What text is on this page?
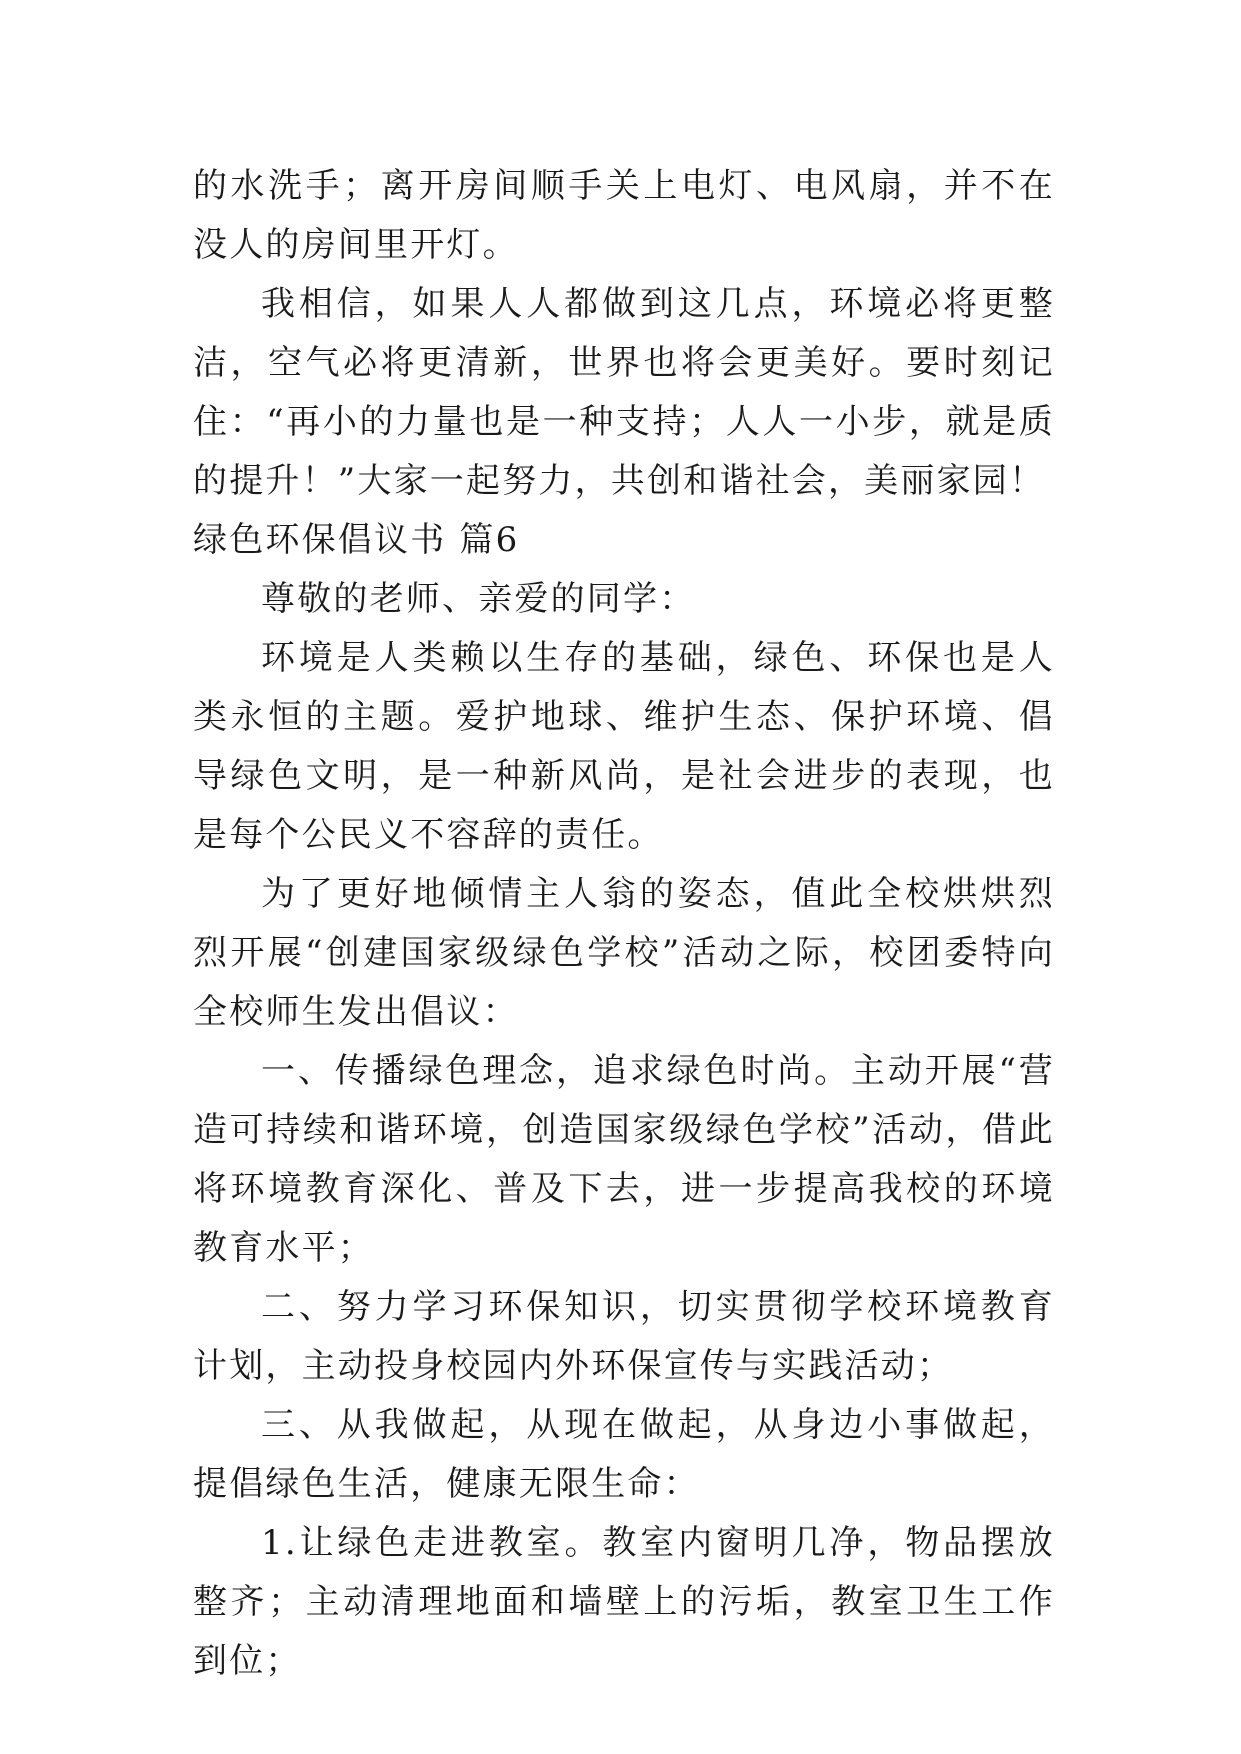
的水洗手；离开房间顺手关上电灯、电风扇，并不在没人的房间里开灯。

我相信，如果人人都做到这几点，环境必将更整洁，空气必将更清新，世界也将会更美好。要时刻记住：“再小的力量也是一种支持；人人一小步，就是质的提升！”大家一起努力，共创和谐社会，美丽家园！

绿色环保倡议书 篇6

尊敬的老师、亲爱的同学：

环境是人类赖以生存的基础，绿色、环保也是人类永恒的主题。爱护地球、维护生态、保护环境、倡导绿色文明，是一种新风尚，是社会进步的表现，也是每个公民义不容辞的责任。

为了更好地倾情主人翁的姿态，值此全校烘烘烈烈开展“创建国家级绿色学校”活动之际，校团委特向全校师生发出倡议：

一、传播绿色理念，追求绿色时尚。主动开展“营造可持续和谐环境，创造国家级绿色学校”活动，借此将环境教育深化、普及下去，进一步提高我校的环境教育水平；

二、努力学习环保知识，切实贯彻学校环境教育计划，主动投身校园内外环保宣传与实践活动；

三、从我做起，从现在做起，从身边小事做起，提倡绿色生活，健康无限生命：

1.让绿色走进教室。教室内窗明几净，物品摆放整齐；主动清理地面和墙壁上的污垢，教室卫生工作到位；
